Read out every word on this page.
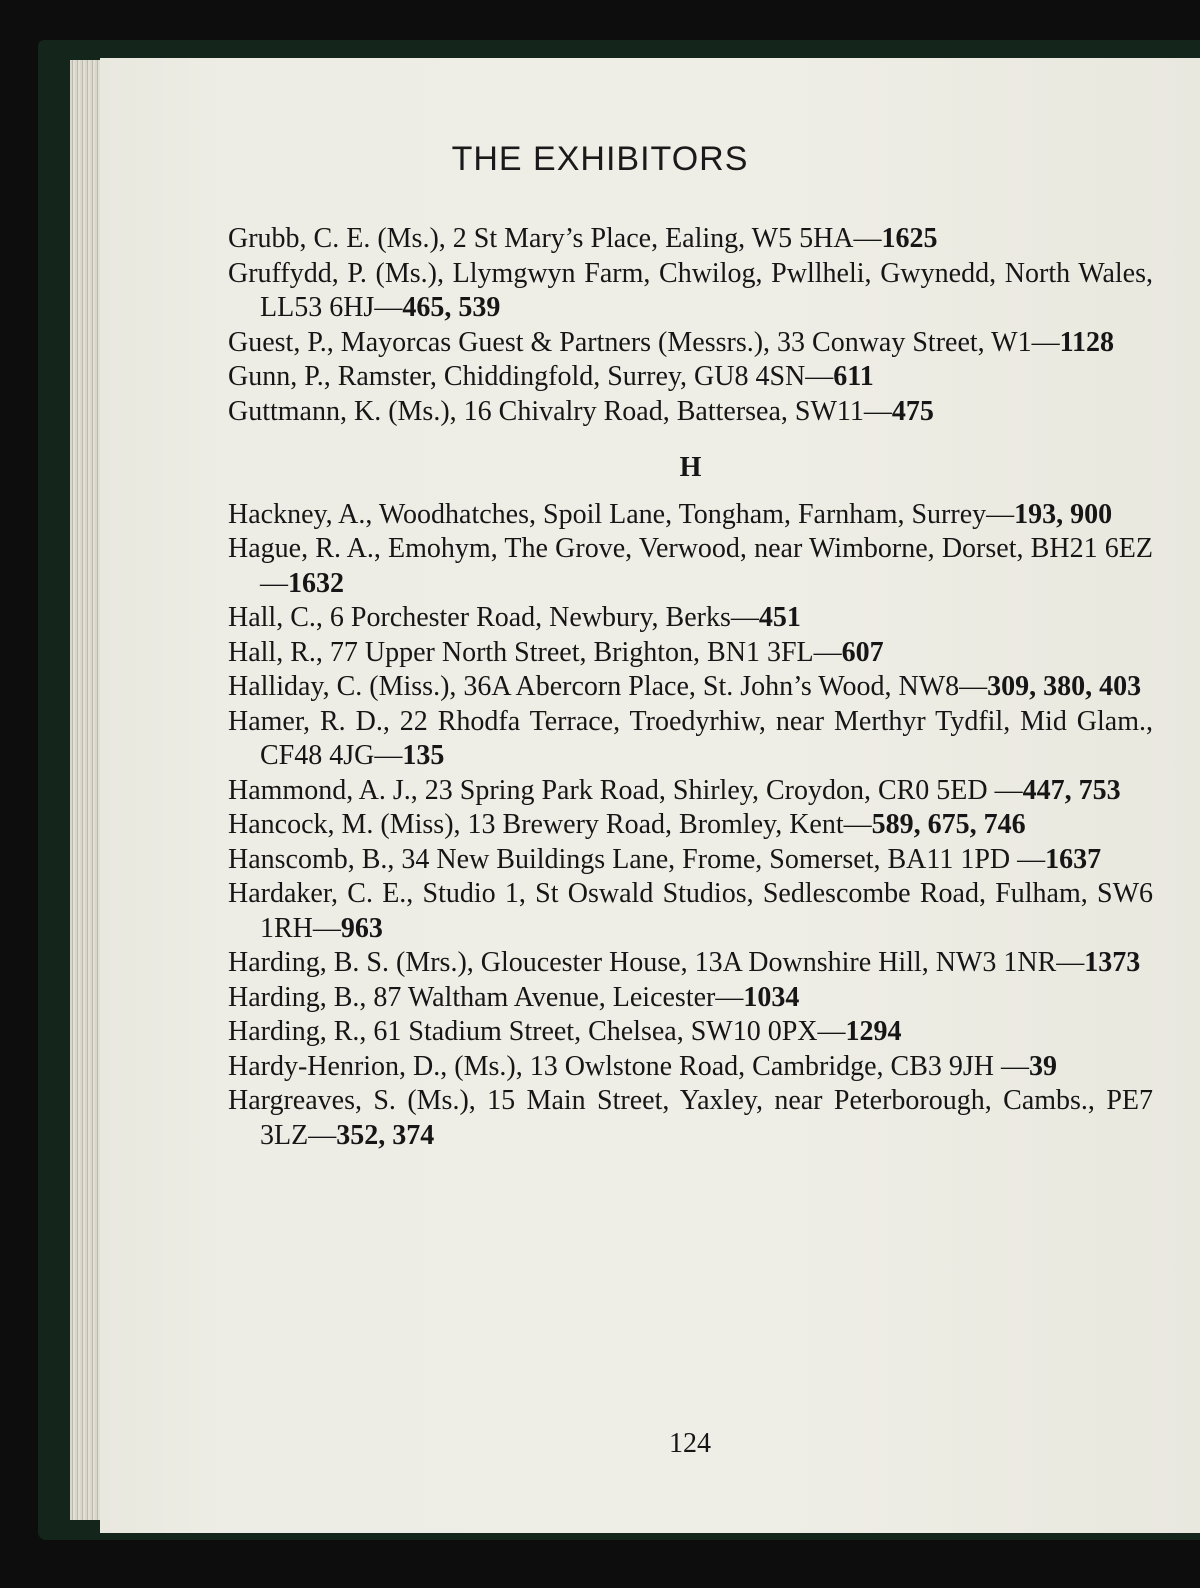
THE EXHIBITORS
Grubb, C. E. (Ms.), 2 St Mary’s Place, Ealing, W5 5HA—1625
Gruffydd, P. (Ms.), Llymgwyn Farm, Chwilog, Pwllheli, Gwynedd, North Wales, LL53 6HJ—465, 539
Guest, P., Mayorcas Guest & Partners (Messrs.), 33 Conway Street, W1—1128
Gunn, P., Ramster, Chiddingfold, Surrey, GU8 4SN—611
Guttmann, K. (Ms.), 16 Chivalry Road, Battersea, SW11—475
H
Hackney, A., Woodhatches, Spoil Lane, Tongham, Farnham, Surrey—193, 900
Hague, R. A., Emohym, The Grove, Verwood, near Wimborne, Dorset, BH21 6EZ—1632
Hall, C., 6 Porchester Road, Newbury, Berks—451
Hall, R., 77 Upper North Street, Brighton, BN1 3FL—607
Halliday, C. (Miss.), 36A Abercorn Place, St. John’s Wood, NW8—309, 380, 403
Hamer, R. D., 22 Rhodfa Terrace, Troedyrhiw, near Merthyr Tydfil, Mid Glam., CF48 4JG—135
Hammond, A. J., 23 Spring Park Road, Shirley, Croydon, CR0 5ED —447, 753
Hancock, M. (Miss), 13 Brewery Road, Bromley, Kent—589, 675, 746
Hanscomb, B., 34 New Buildings Lane, Frome, Somerset, BA11 1PD —1637
Hardaker, C. E., Studio 1, St Oswald Studios, Sedlescombe Road, Fulham, SW6 1RH—963
Harding, B. S. (Mrs.), Gloucester House, 13A Downshire Hill, NW3 1NR—1373
Harding, B., 87 Waltham Avenue, Leicester—1034
Harding, R., 61 Stadium Street, Chelsea, SW10 0PX—1294
Hardy-Henrion, D., (Ms.), 13 Owlstone Road, Cambridge, CB3 9JH —39
Hargreaves, S. (Ms.), 15 Main Street, Yaxley, near Peterborough, Cambs., PE7 3LZ—352, 374
124
